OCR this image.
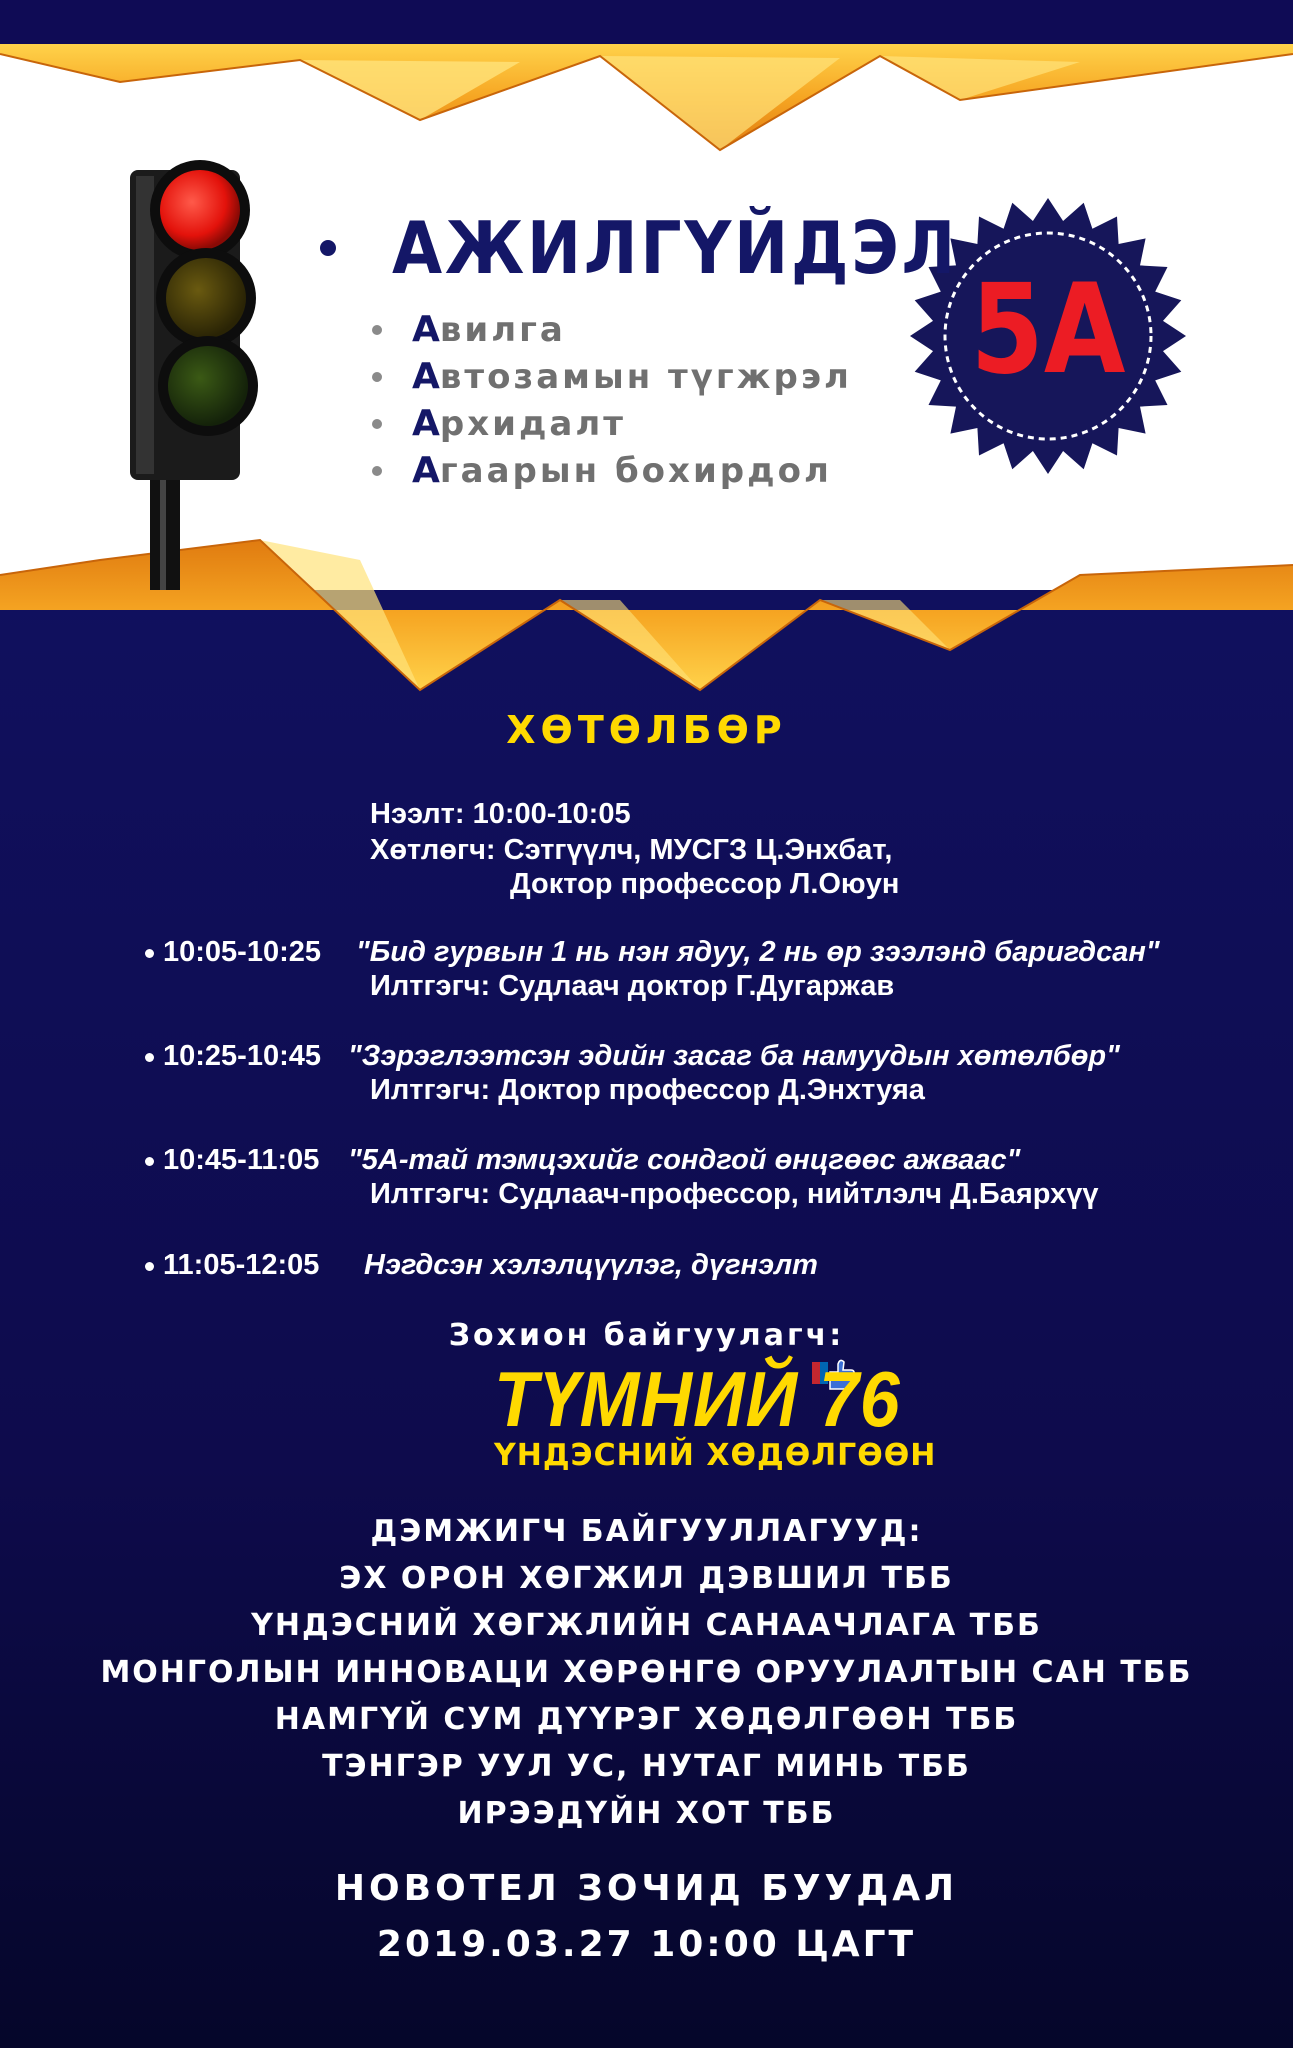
АЖИЛГҮЙДЭЛ
А вилга
А втозамын түгжрэл
А рхидалт
А гаарын бохирдол
5А
ХӨТӨЛБӨР
Нээлт: 10:00-10:05
Хөтлөгч: Сэтгүүлч, МУСГЗ Ц.Энхбат,
Доктор профессор Л.Оюун
10:05-10:25 "Бид гурвын 1 нь нэн ядуу, 2 нь өр зээлэнд баригдсан"
Илтгэгч: Судлаач доктор Г.Дугаржав
10:25-10:45 "Зэрэглээтсэн эдийн засаг ба намуудын хөтөлбөр"
Илтгэгч: Доктор профессор Д.Энхтуяа
10:45-11:05 "5А-тай тэмцэхийг сондгой өнцгөөс ажваас"
Илтгэгч: Судлаач-профессор, нийтлэлч Д.Баярхүү
11:05-12:05 Нэгдсэн хэлэлцүүлэг, дүгнэлт
Зохион байгуулагч:
ТҮМНИЙ 76
ҮНДЭСНИЙ ХӨДӨЛГӨӨН
ДЭМЖИГЧ БАЙГУУЛЛАГУУД:
ЭХ ОРОН ХӨГЖИЛ ДЭВШИЛ ТББ
ҮНДЭСНИЙ ХӨГЖЛИЙН САНААЧЛАГА ТББ
МОНГОЛЫН ИННОВАЦИ ХӨРӨНГӨ ОРУУЛАЛТЫН САН ТББ
НАМГҮЙ СУМ ДҮҮРЭГ ХӨДӨЛГӨӨН ТББ
ТЭНГЭР УУЛ УС, НУТАГ МИНЬ ТББ
ИРЭЭДҮЙН ХОТ ТББ
НОВОТЕЛ ЗОЧИД БУУДАЛ
2019.03.27 10:00 ЦАГТ
